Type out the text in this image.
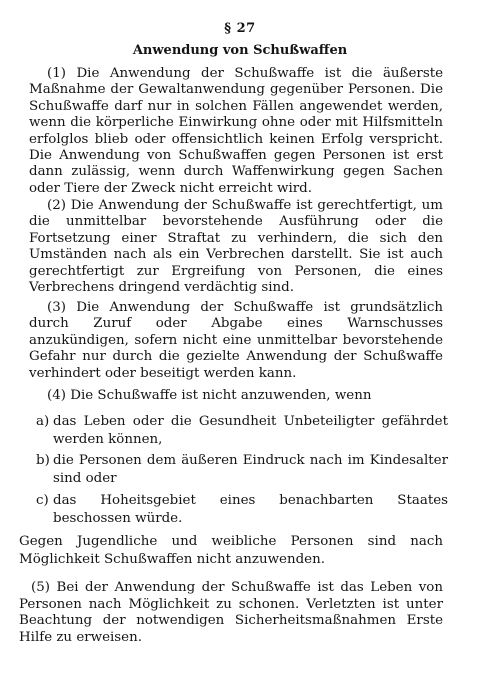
§ 27
Anwendung von Schußwaffen

(1) Die Anwendung der Schußwaffe ist die äußerste Maßnahme der Gewaltanwendung gegenüber Personen. Die Schußwaffe darf nur in solchen Fällen angewendet werden, wenn die körperliche Einwirkung ohne oder mit Hilfsmitteln erfolglos blieb oder offensichtlich keinen Erfolg verspricht. Die Anwendung von Schußwaffen gegen Personen ist erst dann zulässig, wenn durch Waffenwirkung gegen Sachen oder Tiere der Zweck nicht erreicht wird.

(2) Die Anwendung der Schußwaffe ist gerechtfertigt, um die unmittelbar bevorstehende Ausführung oder die Fortsetzung einer Straftat zu verhindern, die sich den Umständen nach als ein Verbrechen darstellt. Sie ist auch gerechtfertigt zur Ergreifung von Personen, die eines Verbrechens dringend verdächtig sind.

(3) Die Anwendung der Schußwaffe ist grundsätzlich durch Zuruf oder Abgabe eines Warnschusses anzukündigen, sofern nicht eine unmittelbar bevorstehende Gefahr nur durch die gezielte Anwendung der Schußwaffe verhindert oder beseitigt werden kann.

(4) Die Schußwaffe ist nicht anzuwenden, wenn

a) das Leben oder die Gesundheit Unbeteiligter gefährdet werden können,
b) die Personen dem äußeren Eindruck nach im Kindesalter sind oder
c) das Hoheitsgebiet eines benachbarten Staates beschossen würde.

Gegen Jugendliche und weibliche Personen sind nach Möglichkeit Schußwaffen nicht anzuwenden.

(5) Bei der Anwendung der Schußwaffe ist das Leben von Personen nach Möglichkeit zu schonen. Verletzten ist unter Beachtung der notwendigen Sicherheitsmaßnahmen Erste Hilfe zu erweisen.
